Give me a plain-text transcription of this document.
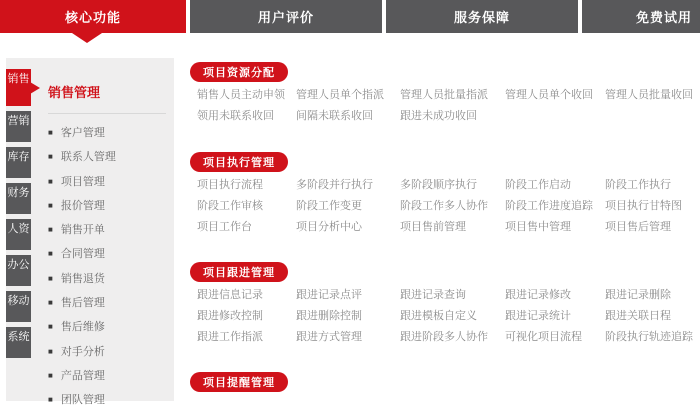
核心功能	用户评价	服务保障	免费试用
销售管理
■ 客户管理
■ 联系人管理
■ 项目管理
■ 报价管理
■ 销售开单
■ 合同管理
■ 销售退货
■ 售后管理
■ 售后维修
■ 对手分析
■ 产品管理
■ 团队管理
销售
营销
库存
财务
人资
办公
移动
系统
项目资源分配
销售人员主动申领	管理人员单个指派	管理人员批量指派	管理人员单个收回	管理人员批量收回
领用未联系收回	间隔未联系收回	跟进未成功收回
项目执行管理
项目执行流程	多阶段并行执行	多阶段顺序执行	阶段工作启动	阶段工作执行
阶段工作审核	阶段工作变更	阶段工作多人协作	阶段工作进度追踪	项目执行甘特图
项目工作台	项目分析中心	项目售前管理	项目售中管理	项目售后管理
项目跟进管理
跟进信息记录	跟进记录点评	跟进记录查询	跟进记录修改	跟进记录删除
跟进修改控制	跟进删除控制	跟进模板自定义	跟进记录统计	跟进关联日程
跟进工作指派	跟进方式管理	跟进阶段多人协作	可视化项目流程	阶段执行轨迹追踪
项目提醒管理
